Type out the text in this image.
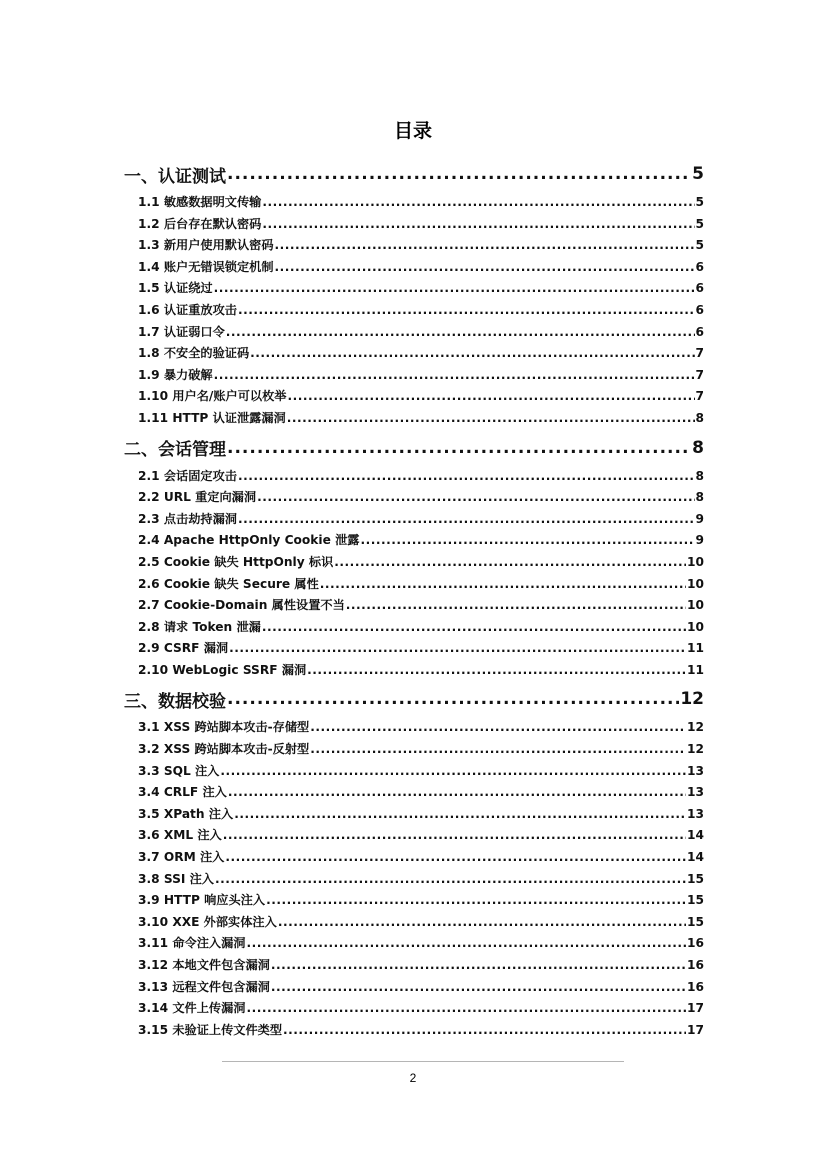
目录
一、认证测试 .....	5
1.1 敏感数据明文传输 .....	5
1.2 后台存在默认密码 .....	5
1.3 新用户使用默认密码 .....	5
1.4 账户无错误锁定机制 .....	6
1.5 认证绕过 .....	6
1.6 认证重放攻击 .....	6
1.7 认证弱口令 .....	6
1.8 不安全的验证码 .....	7
1.9 暴力破解 .....	7
1.10 用户名/账户可以枚举 .....	7
1.11 HTTP 认证泄露漏洞 .....	8
二、会话管理 .....	8
2.1 会话固定攻击 .....	8
2.2 URL 重定向漏洞 .....	8
2.3 点击劫持漏洞 .....	9
2.4 Apache HttpOnly Cookie 泄露 .....	9
2.5 Cookie 缺失 HttpOnly 标识 .....	10
2.6 Cookie 缺失 Secure 属性 .....	10
2.7 Cookie-Domain 属性设置不当 .....	10
2.8 请求 Token 泄漏 .....	10
2.9 CSRF 漏洞 .....	11
2.10 WebLogic SSRF 漏洞 .....	11
三、数据校验 .....	12
3.1 XSS 跨站脚本攻击-存储型 .....	12
3.2 XSS 跨站脚本攻击-反射型 .....	12
3.3 SQL 注入 .....	13
3.4 CRLF 注入 .....	13
3.5 XPath 注入 .....	13
3.6 XML 注入 .....	14
3.7 ORM 注入 .....	14
3.8 SSI 注入 .....	15
3.9 HTTP 响应头注入 .....	15
3.10 XXE 外部实体注入 .....	15
3.11 命令注入漏洞 .....	16
3.12 本地文件包含漏洞 .....	16
3.13 远程文件包含漏洞 .....	16
3.14 文件上传漏洞 .....	17
3.15 未验证上传文件类型 .....	17
2
